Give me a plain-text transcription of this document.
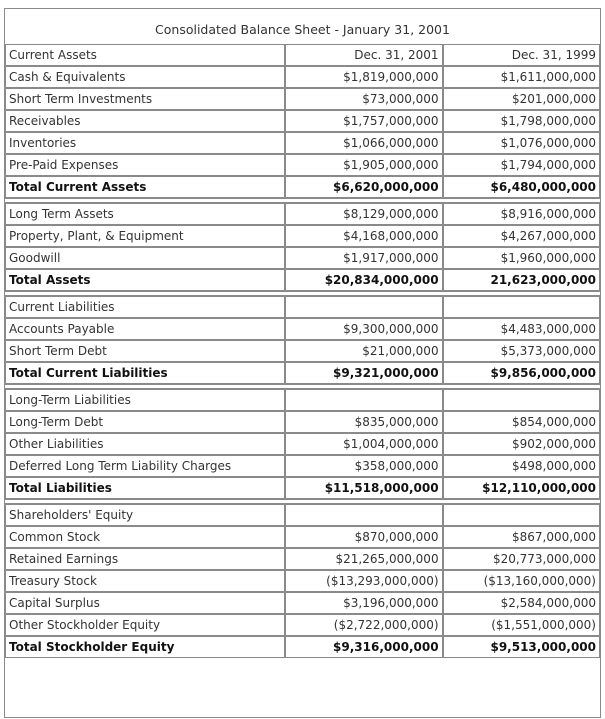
Consolidated Balance Sheet - January 31, 2001
Current Assets	Dec. 31, 2001	Dec. 31, 1999
Cash & Equivalents	$1,819,000,000	$1,611,000,000
Short Term Investments	$73,000,000	$201,000,000
Receivables	$1,757,000,000	$1,798,000,000
Inventories	$1,066,000,000	$1,076,000,000
Pre-Paid Expenses	$1,905,000,000	$1,794,000,000
Total Current Assets	$6,620,000,000	$6,480,000,000

Long Term Assets	$8,129,000,000	$8,916,000,000
Property, Plant, & Equipment	$4,168,000,000	$4,267,000,000
Goodwill	$1,917,000,000	$1,960,000,000
Total Assets	$20,834,000,000	21,623,000,000

Current Liabilities		
Accounts Payable	$9,300,000,000	$4,483,000,000
Short Term Debt	$21,000,000	$5,373,000,000
Total Current Liabilities	$9,321,000,000	$9,856,000,000

Long-Term Liabilities		
Long-Term Debt	$835,000,000	$854,000,000
Other Liabilities	$1,004,000,000	$902,000,000
Deferred Long Term Liability Charges	$358,000,000	$498,000,000
Total Liabilities	$11,518,000,000	$12,110,000,000

Shareholders' Equity		
Common Stock	$870,000,000	$867,000,000
Retained Earnings	$21,265,000,000	$20,773,000,000
Treasury Stock	($13,293,000,000)	($13,160,000,000)
Capital Surplus	$3,196,000,000	$2,584,000,000
Other Stockholder Equity	($2,722,000,000)	($1,551,000,000)
Total Stockholder Equity	$9,316,000,000	$9,513,000,000
